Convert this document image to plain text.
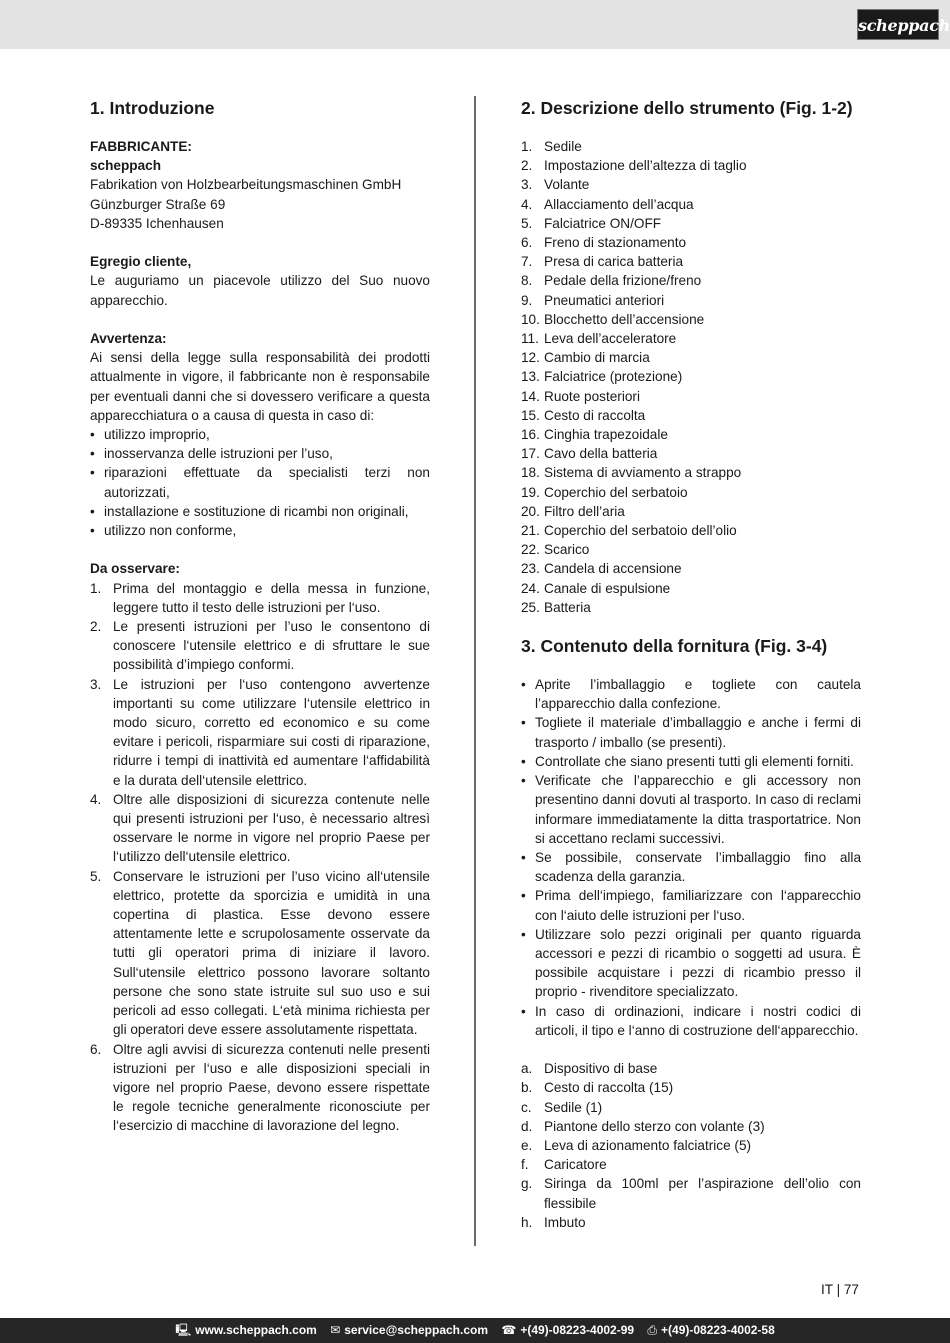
scheppach
1. Introduzione

FABBRICANTE:

scheppach

Fabrikation von Holzbearbeitungsmaschinen GmbH

Günzburger Straße 69

D-89335 Ichenhausen

Egregio cliente,

Le auguriamo un piacevole utilizzo del Suo nuovo apparecchio.

Avvertenza:

Ai sensi della legge sulla responsabilità dei prodotti attualmente in vigore, il fabbricante non è responsabile per eventuali danni che si dovessero verificare a questa apparecchiatura o a causa di questa in caso di:

• utilizzo improprio,
• inosservanza delle istruzioni per l’uso,
• riparazioni effettuate da specialisti terzi non autorizzati,
• installazione e sostituzione di ricambi non originali,
• utilizzo non conforme,

Da osservare:

1. Prima del montaggio e della messa in funzione, leggere tutto il testo delle istruzioni per l‘uso.
2. Le presenti istruzioni per l’uso le consentono di conoscere l‘utensile elettrico e di sfruttare le sue possibilità d’impiego conformi.
3. Le istruzioni per l‘uso contengono avvertenze importanti su come utilizzare l‘utensile elettrico in modo sicuro, corretto ed economico e su come evitare i pericoli, risparmiare sui costi di riparazione, ridurre i tempi di inattività ed aumentare l‘affidabilità e la durata dell‘utensile elettrico.
4. Oltre alle disposizioni di sicurezza contenute nelle qui presenti istruzioni per l‘uso, è necessario altresì osservare le norme in vigore nel proprio Paese per l‘utilizzo dell‘utensile elettrico.
5. Conservare le istruzioni per l’uso vicino all‘utensile elettrico, protette da sporcizia e umidità in una copertina di plastica. Esse devono essere attentamente lette e scrupolosamente osservate da tutti gli operatori prima di iniziare il lavoro. Sull‘utensile elettrico possono lavorare soltanto persone che sono state istruite sul suo uso e sui pericoli ad esso collegati. L‘età minima richiesta per gli operatori deve essere assolutamente rispettata.
6. Oltre agli avvisi di sicurezza contenuti nelle presenti istruzioni per l‘uso e alle disposizioni speciali in vigore nel proprio Paese, devono essere rispettate le regole tecniche generalmente riconosciute per l‘esercizio di macchine di lavorazione del legno.
2. Descrizione dello strumento (Fig. 1-2)
1. Sedile
2. Impostazione dell’altezza di taglio
3. Volante
4. Allacciamento dell’acqua
5. Falciatrice ON/OFF
6. Freno di stazionamento
7. Presa di carica batteria
8. Pedale della frizione/freno
9. Pneumatici anteriori
10. Blocchetto dell’accensione
11. Leva dell’acceleratore
12. Cambio di marcia
13. Falciatrice (protezione)
14. Ruote posteriori
15. Cesto di raccolta
16. Cinghia trapezoidale
17. Cavo della batteria
18. Sistema di avviamento a strappo
19. Coperchio del serbatoio
20. Filtro dell’aria
21. Coperchio del serbatoio dell’olio
22. Scarico
23. Candela di accensione
24. Canale di espulsione
25. Batteria
3. Contenuto della fornitura (Fig. 3-4)
• Aprite l’imballaggio e togliete con cautela l’apparecchio dalla confezione.
• Togliete il materiale d’imballaggio e anche i fermi di trasporto / imballo (se presenti).
• Controllate che siano presenti tutti gli elementi forniti.
• Verificate che l’apparecchio e gli accessory non presentino danni dovuti al trasporto. In caso di reclami informare immediatamente la ditta trasportatrice. Non si accettano reclami successivi.
• Se possibile, conservate l’imballaggio fino alla scadenza della garanzia.
• Prima dell‘impiego, familiarizzare con l‘apparecchio con l‘aiuto delle istruzioni per l‘uso.
• Utilizzare solo pezzi originali per quanto riguarda accessori e pezzi di ricambio o soggetti ad usura. È possibile acquistare i pezzi di ricambio presso il proprio - rivenditore specializzato.
• In caso di ordinazioni, indicare i nostri codici di articoli, il tipo e l‘anno di costruzione dell‘apparecchio.
a. Dispositivo di base
b. Cesto di raccolta (15)
c. Sedile (1)
d. Piantone dello sterzo con volante (3)
e. Leva di azionamento falciatrice (5)
f. Caricatore
g. Siringa da 100ml per l’aspirazione dell’olio con flessibile
h. Imbuto
IT | 77
🖳 www.scheppach.com ✉ service@scheppach.com ☎ +(49)-08223-4002-99 ⎙ +(49)-08223-4002-58
